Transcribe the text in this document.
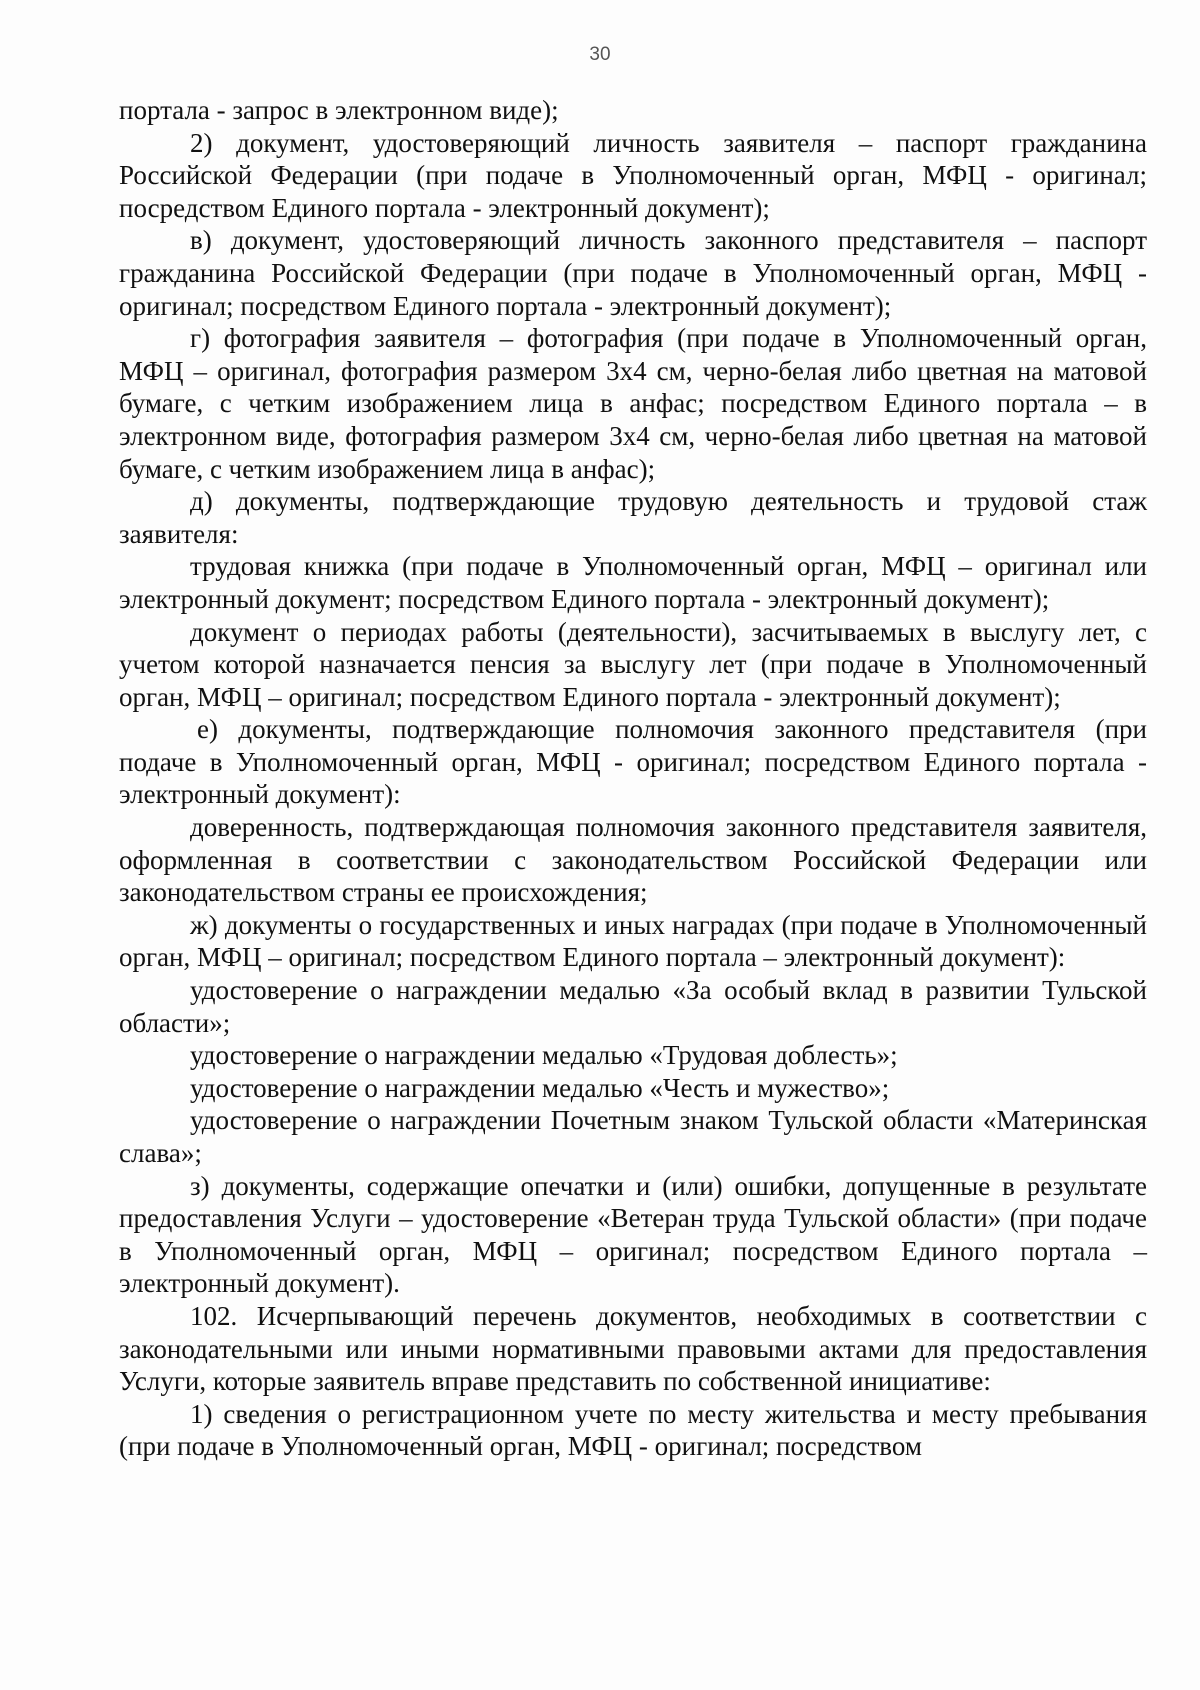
30

портала - запрос в электронном виде);

2) документ, удостоверяющий личность заявителя – паспорт гражданина Российской Федерации (при подаче в Уполномоченный орган, МФЦ - оригинал; посредством Единого портала - электронный документ);

в) документ, удостоверяющий личность законного представителя – паспорт гражданина Российской Федерации (при подаче в Уполномоченный орган, МФЦ - оригинал; посредством Единого портала - электронный документ);

г) фотография заявителя – фотография (при подаче в Уполномоченный орган, МФЦ – оригинал, фотография размером 3х4 см, черно-белая либо цветная на матовой бумаге, с четким изображением лица в анфас; посредством Единого портала – в электронном виде, фотография размером 3х4 см, черно-белая либо цветная на матовой бумаге, с четким изображением лица в анфас);

д) документы, подтверждающие трудовую деятельность и трудовой стаж заявителя:

трудовая книжка (при подаче в Уполномоченный орган, МФЦ – оригинал или электронный документ; посредством Единого портала - электронный документ);

документ о периодах работы (деятельности), засчитываемых в выслугу лет, с учетом которой назначается пенсия за выслугу лет (при подаче в Уполномоченный орган, МФЦ – оригинал; посредством Единого портала - электронный документ);

е) документы, подтверждающие полномочия законного представителя (при подаче в Уполномоченный орган, МФЦ - оригинал; посредством Единого портала - электронный документ):

доверенность, подтверждающая полномочия законного представителя заявителя, оформленная в соответствии с законодательством Российской Федерации или законодательством страны ее происхождения;

ж) документы о государственных и иных наградах (при подаче в Уполномоченный орган, МФЦ – оригинал; посредством Единого портала – электронный документ):

удостоверение о награждении медалью «За особый вклад в развитии Тульской области»;

удостоверение о награждении медалью «Трудовая доблесть»;

удостоверение о награждении медалью «Честь и мужество»;

удостоверение о награждении Почетным знаком Тульской области «Материнская слава»;

з) документы, содержащие опечатки и (или) ошибки, допущенные в результате предоставления Услуги – удостоверение «Ветеран труда Тульской области» (при подаче в Уполномоченный орган, МФЦ – оригинал; посредством Единого портала – электронный документ).

102. Исчерпывающий перечень документов, необходимых в соответствии с законодательными или иными нормативными правовыми актами для предоставления Услуги, которые заявитель вправе представить по собственной инициативе:

1) сведения о регистрационном учете по месту жительства и месту пребывания (при подаче в Уполномоченный орган, МФЦ - оригинал; посредством
